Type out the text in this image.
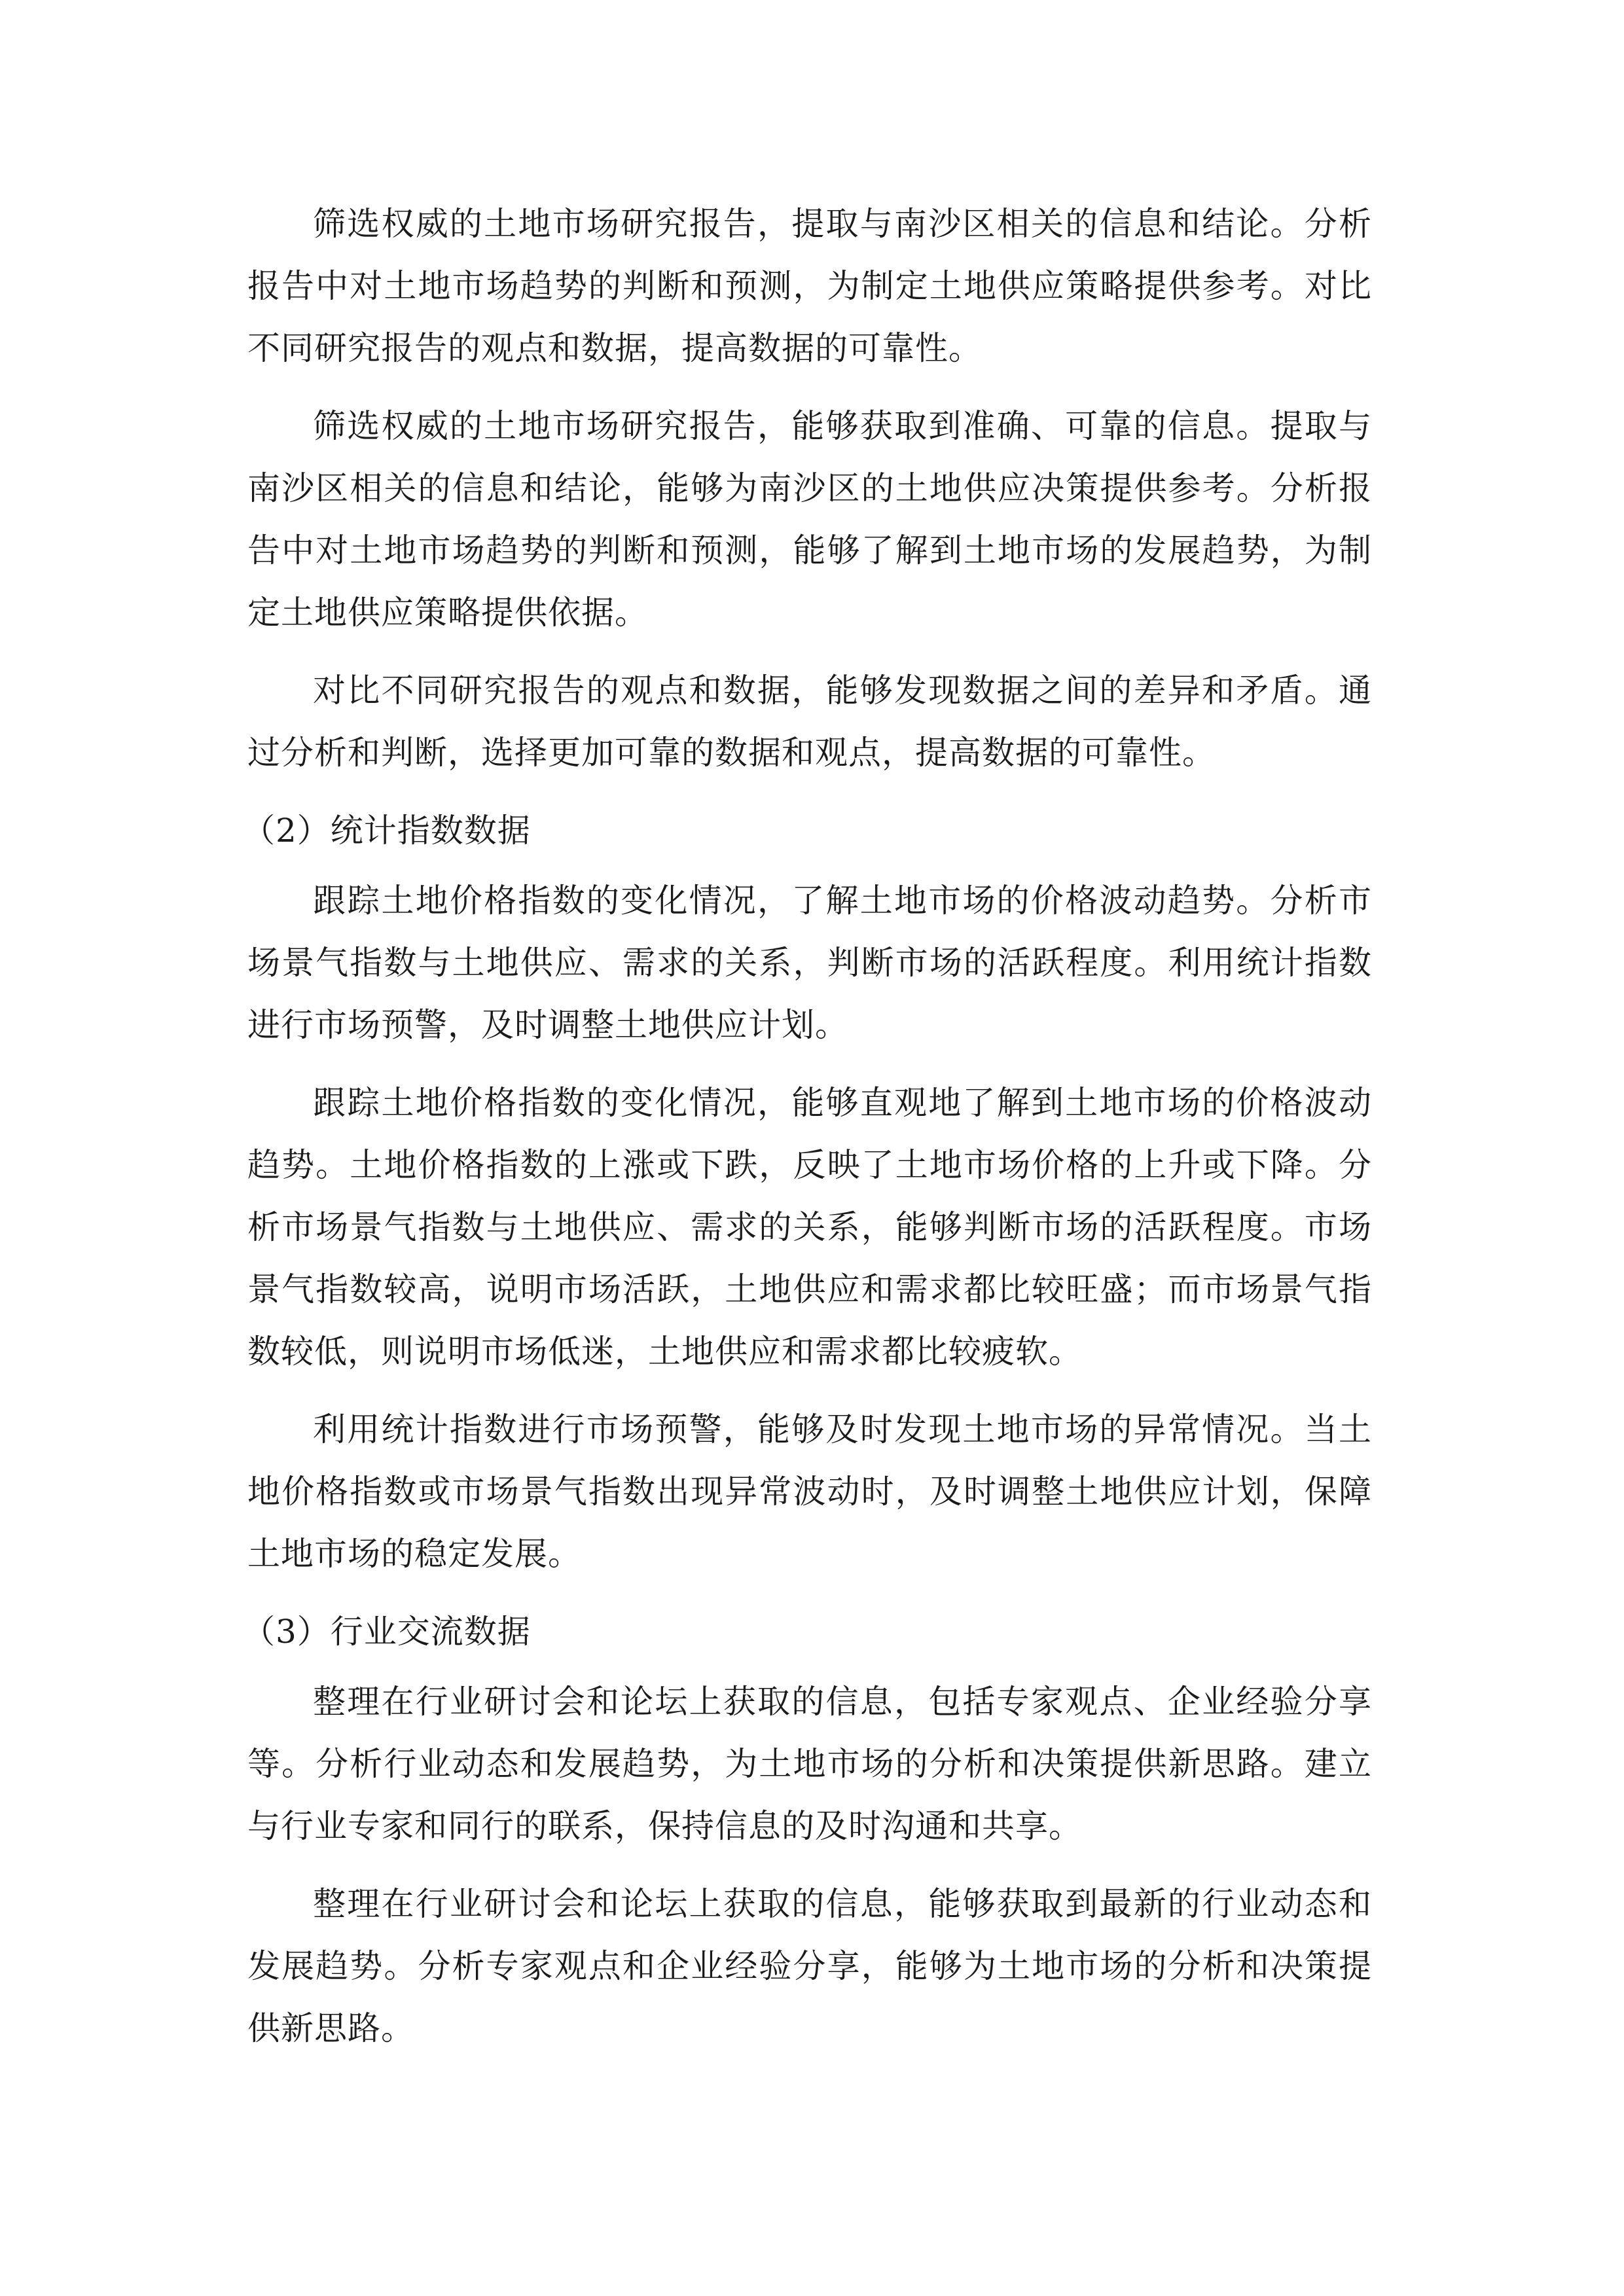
筛选权威的土地市场研究报告，提取与南沙区相关的信息和结论。分析报告中对土地市场趋势的判断和预测，为制定土地供应策略提供参考。对比不同研究报告的观点和数据，提高数据的可靠性。

筛选权威的土地市场研究报告，能够获取到准确、可靠的信息。提取与南沙区相关的信息和结论，能够为南沙区的土地供应决策提供参考。分析报告中对土地市场趋势的判断和预测，能够了解到土地市场的发展趋势，为制定土地供应策略提供依据。

对比不同研究报告的观点和数据，能够发现数据之间的差异和矛盾。通过分析和判断，选择更加可靠的数据和观点，提高数据的可靠性。

（2）统计指数数据

跟踪土地价格指数的变化情况，了解土地市场的价格波动趋势。分析市场景气指数与土地供应、需求的关系，判断市场的活跃程度。利用统计指数进行市场预警，及时调整土地供应计划。

跟踪土地价格指数的变化情况，能够直观地了解到土地市场的价格波动趋势。土地价格指数的上涨或下跌，反映了土地市场价格的上升或下降。分析市场景气指数与土地供应、需求的关系，能够判断市场的活跃程度。市场景气指数较高，说明市场活跃，土地供应和需求都比较旺盛；而市场景气指数较低，则说明市场低迷，土地供应和需求都比较疲软。

利用统计指数进行市场预警，能够及时发现土地市场的异常情况。当土地价格指数或市场景气指数出现异常波动时，及时调整土地供应计划，保障土地市场的稳定发展。

（3）行业交流数据

整理在行业研讨会和论坛上获取的信息，包括专家观点、企业经验分享等。分析行业动态和发展趋势，为土地市场的分析和决策提供新思路。建立与行业专家和同行的联系，保持信息的及时沟通和共享。

整理在行业研讨会和论坛上获取的信息，能够获取到最新的行业动态和发展趋势。分析专家观点和企业经验分享，能够为土地市场的分析和决策提供新思路。
